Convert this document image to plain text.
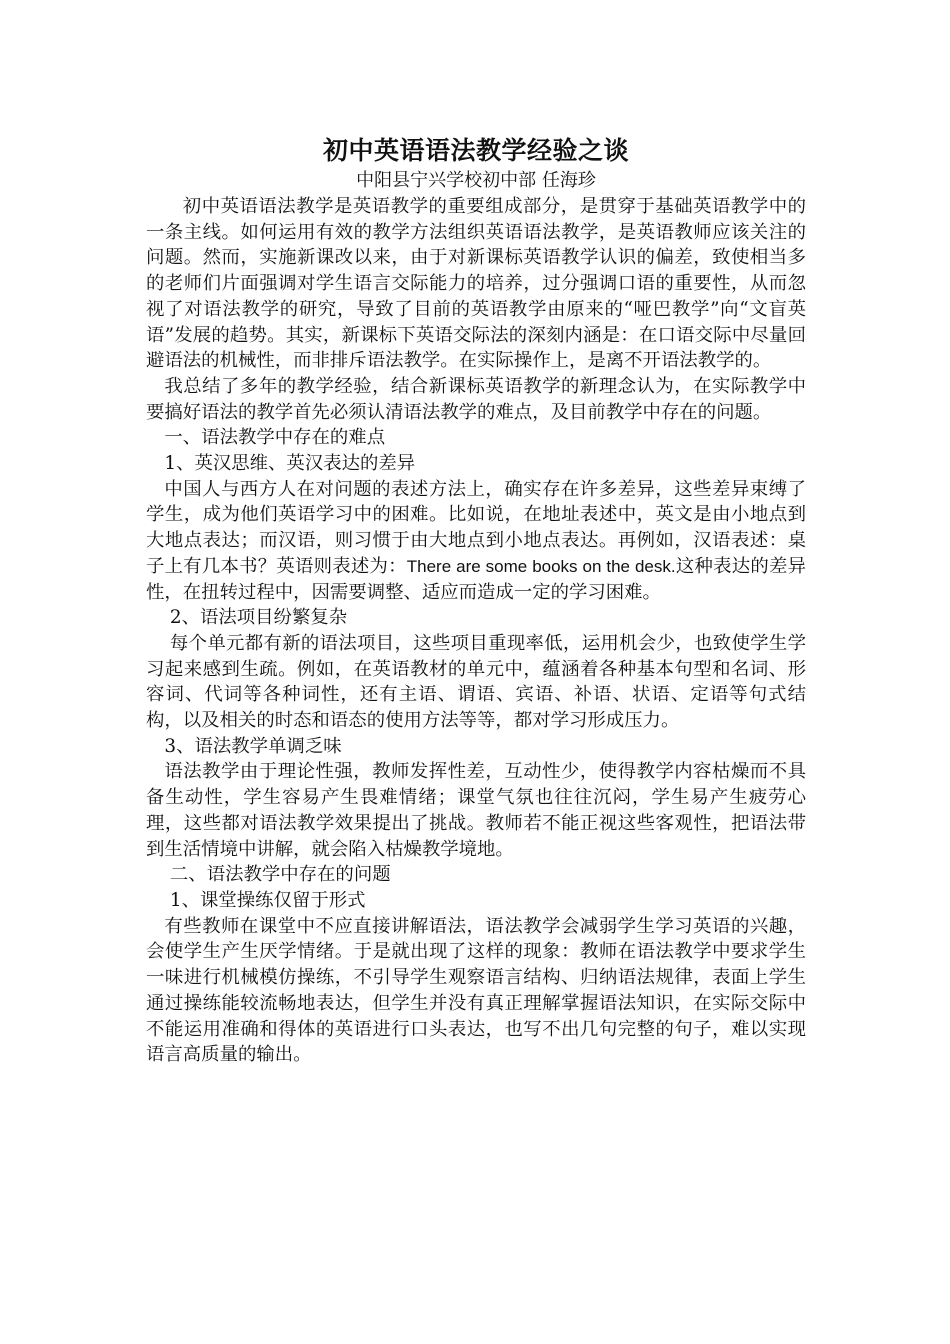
初中英语语法教学经验之谈
中阳县宁兴学校初中部 任海珍

初中英语语法教学是英语教学的重要组成部分，是贯穿于基础英语教学中的一条主线。如何运用有效的教学方法组织英语语法教学，是英语教师应该关注的问题。然而，实施新课改以来，由于对新课标英语教学认识的偏差，致使相当多的老师们片面强调对学生语言交际能力的培养，过分强调口语的重要性，从而忽视了对语法教学的研究，导致了目前的英语教学由原来的“哑巴教学”向“文盲英语”发展的趋势。其实，新课标下英语交际法的深刻内涵是：在口语交际中尽量回避语法的机械性，而非排斥语法教学。在实际操作上，是离不开语法教学的。

我总结了多年的教学经验，结合新课标英语教学的新理念认为，在实际教学中要搞好语法的教学首先必须认清语法教学的难点，及目前教学中存在的问题。

一、语法教学中存在的难点

1、英汉思维、英汉表达的差异

中国人与西方人在对问题的表述方法上，确实存在许多差异，这些差异束缚了学生，成为他们英语学习中的困难。比如说，在地址表述中，英文是由小地点到大地点表达；而汉语，则习惯于由大地点到小地点表达。再例如，汉语表述：桌子上有几本书？英语则表述为：There are some books on the desk.这种表达的差异性，在扭转过程中，因需要调整、适应而造成一定的学习困难。

2、语法项目纷繁复杂

每个单元都有新的语法项目，这些项目重现率低，运用机会少，也致使学生学习起来感到生疏。例如，在英语教材的单元中，蕴涵着各种基本句型和名词、形容词、代词等各种词性，还有主语、谓语、宾语、补语、状语、定语等句式结构，以及相关的时态和语态的使用方法等等，都对学习形成压力。

3、语法教学单调乏味

语法教学由于理论性强，教师发挥性差，互动性少，使得教学内容枯燥而不具备生动性，学生容易产生畏难情绪；课堂气氛也往往沉闷，学生易产生疲劳心理，这些都对语法教学效果提出了挑战。教师若不能正视这些客观性，把语法带到生活情境中讲解，就会陷入枯燥教学境地。

二、语法教学中存在的问题

1、课堂操练仅留于形式

有些教师在课堂中不应直接讲解语法，语法教学会减弱学生学习英语的兴趣，会使学生产生厌学情绪。于是就出现了这样的现象：教师在语法教学中要求学生一味进行机械模仿操练，不引导学生观察语言结构、归纳语法规律，表面上学生通过操练能较流畅地表达，但学生并没有真正理解掌握语法知识，在实际交际中不能运用准确和得体的英语进行口头表达，也写不出几句完整的句子，难以实现语言高质量的输出。
